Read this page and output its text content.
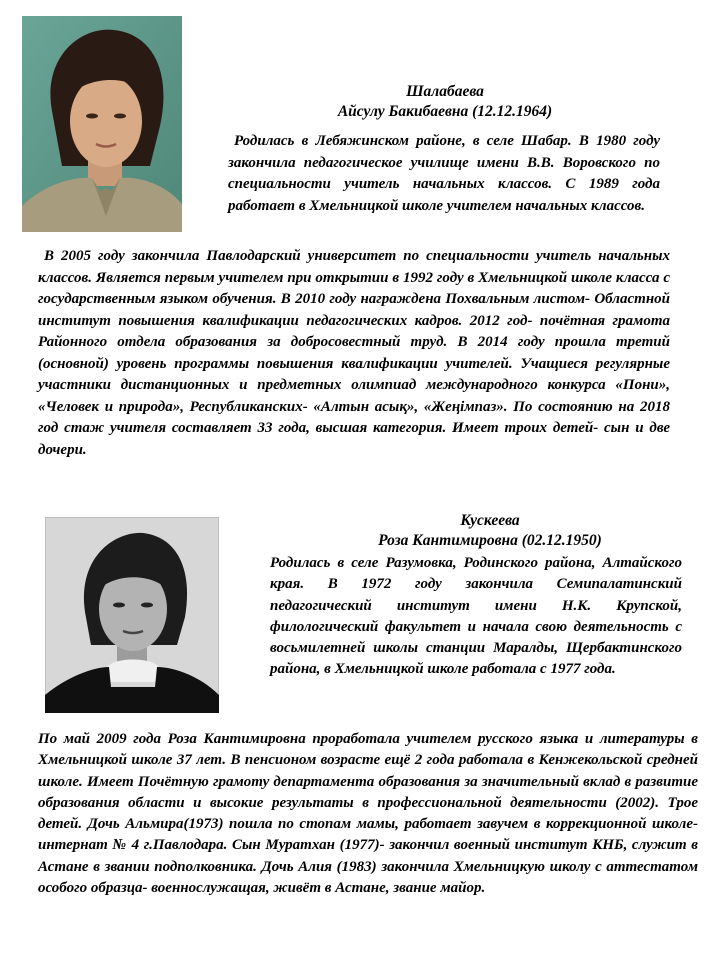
Шалабаева
Айсулу Бакибаевна (12.12.1964)

Родилась в Лебяжинском районе, в селе Шабар. В 1980 году закончила педагогическое училище имени В.В. Воровского по специальности учитель начальных классов. С 1989 года работает в Хмельницкой школе учителем начальных классов.

В 2005 году закончила Павлодарский университет по специальности учитель начальных классов. Является первым учителем при открытии в 1992 году в Хмельницкой школе класса с государственным языком обучения. В 2010 году награждена Похвальным листом- Областной институт повышения квалификации педагогических кадров. 2012 год- почётная грамота Районного отдела образования за добросовестный труд. В 2014 году прошла третий (основной) уровень программы повышения квалификации учителей. Учащиеся регулярные участники дистанционных и предметных олимпиад международного конкурса «Пони», «Человек и природа», Республиканских- «Алтын асық», «Жеңімпаз». По состоянию на 2018 год стаж учителя составляет 33 года, высшая категория. Имеет троих детей- сын и две дочери.

Кускеева
Роза Кантимировна (02.12.1950)

Родилась в селе Разумовка, Родинского района, Алтайского края. В 1972 году закончила Семипалатинский педагогический институт имени Н.К. Крупской, филологический факультет и начала свою деятельность с восьмилетней школы станции Маралды, Щербактинского района, в Хмельницкой школе работала с 1977 года.

По май 2009 года Роза Кантимировна проработала учителем русского языка и литературы в Хмельницкой школе 37 лет. В пенсионом возрасте ещё 2 года работала в Кенжекольской средней школе. Имеет Почётную грамоту департамента образования за значительный вклад в развитие образования области и высокие результаты в профессиональной деятельности (2002). Трое детей. Дочь Альмира(1973) пошла по стопам мамы, работает завучем в коррекционной школе- интернат № 4 г.Павлодара. Сын Муратхан (1977)- закончил военный институт КНБ, служит в Астане в звании подполковника. Дочь Алия (1983) закончила Хмельницкую школу с аттестатом особого образца- военнослужащая, живёт в Астане, звание майор.
